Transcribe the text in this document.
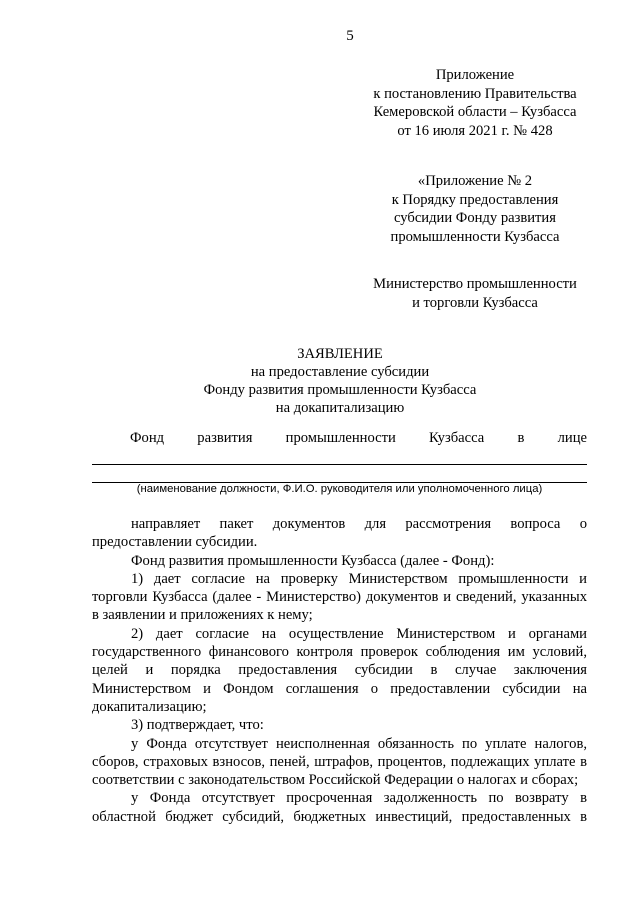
5
Приложение
к постановлению Правительства
Кемеровской области – Кузбасса
от 16 июля 2021 г. № 428
«Приложение № 2
к Порядку предоставления
субсидии Фонду развития
промышленности Кузбасса
Министерство промышленности
и торговли Кузбасса
ЗАЯВЛЕНИЕ
на предоставление субсидии
Фонду развития промышленности Кузбасса
на докапитализацию
Фонд развития промышленности Кузбасса в лице
(наименование должности, Ф.И.О. руководителя или уполномоченного лица)

направляет пакет документов для рассмотрения вопроса о предоставлении субсидии.

Фонд развития промышленности Кузбасса (далее - Фонд):

1) дает согласие на проверку Министерством промышленности и торговли Кузбасса (далее - Министерство) документов и сведений, указанных в заявлении и приложениях к нему;

2) дает согласие на осуществление Министерством и органами государственного финансового контроля проверок соблюдения им условий, целей и порядка предоставления субсидии в случае заключения Министерством и Фондом соглашения о предоставлении субсидии на докапитализацию;

3) подтверждает, что:

у Фонда отсутствует неисполненная обязанность по уплате налогов, сборов, страховых взносов, пеней, штрафов, процентов, подлежащих уплате в соответствии с законодательством Российской Федерации о налогах и сборах;

у Фонда отсутствует просроченная задолженность по возврату в областной бюджет субсидий, бюджетных инвестиций, предоставленных в
